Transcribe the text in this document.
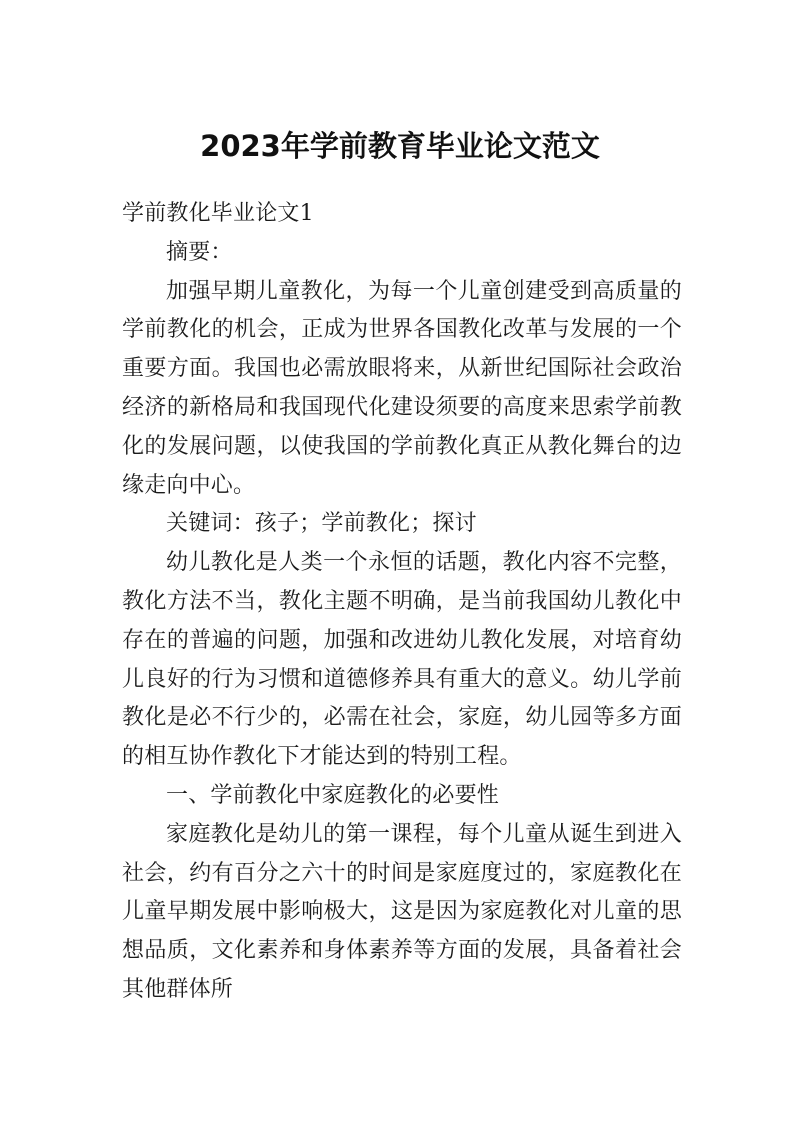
2023年学前教育毕业论文范文

学前教化毕业论文1

摘要：

加强早期儿童教化，为每一个儿童创建受到高质量的学前教化的机会，正成为世界各国教化改革与发展的一个重要方面。我国也必需放眼将来，从新世纪国际社会政治经济的新格局和我国现代化建设须要的高度来思索学前教化的发展问题，以使我国的学前教化真正从教化舞台的边缘走向中心。

关键词：孩子；学前教化；探讨

幼儿教化是人类一个永恒的话题，教化内容不完整，教化方法不当，教化主题不明确，是当前我国幼儿教化中存在的普遍的问题，加强和改进幼儿教化发展，对培育幼儿良好的行为习惯和道德修养具有重大的意义。幼儿学前教化是必不行少的，必需在社会，家庭，幼儿园等多方面的相互协作教化下才能达到的特别工程。

一、学前教化中家庭教化的必要性

家庭教化是幼儿的第一课程，每个儿童从诞生到进入社会，约有百分之六十的时间是家庭度过的，家庭教化在儿童早期发展中影响极大，这是因为家庭教化对儿童的思想品质，文化素养和身体素养等方面的发展，具备着社会其他群体所
